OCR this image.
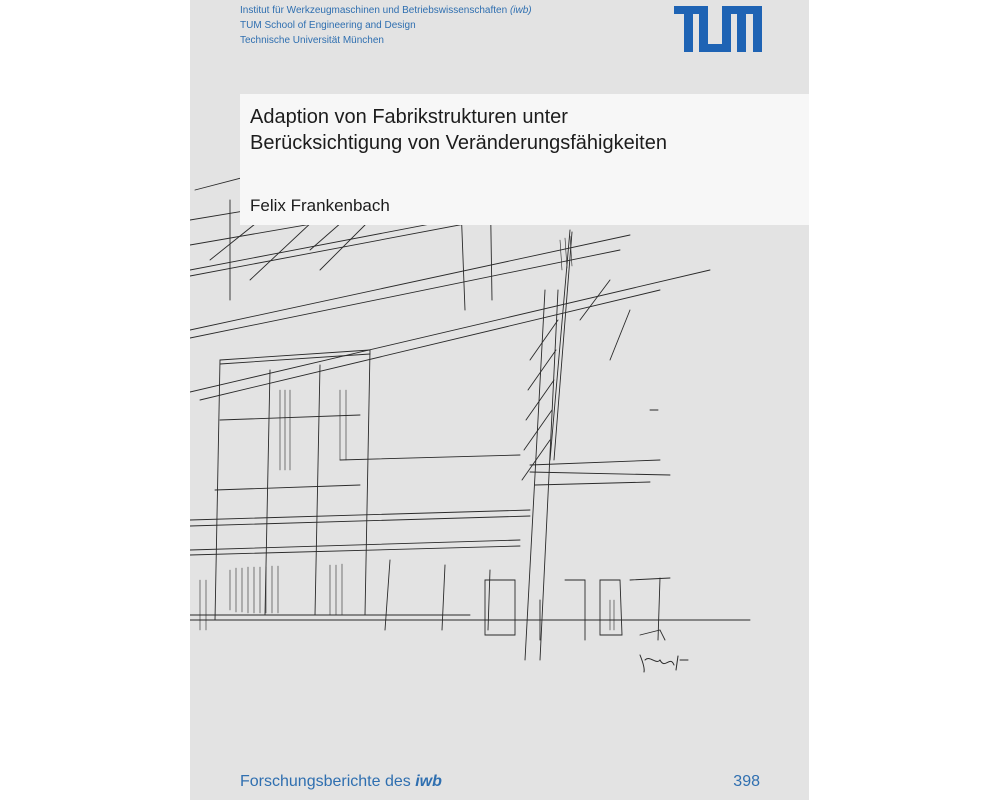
Institut für Werkzeugmaschinen und Betriebswissenschaften (iwb)
TUM School of Engineering and Design
Technische Universität München
Adaption von Fabrikstrukturen unter
Berücksichtigung von Veränderungsfähigkeiten
Felix Frankenbach
Forschungsberichte des iwb	398
